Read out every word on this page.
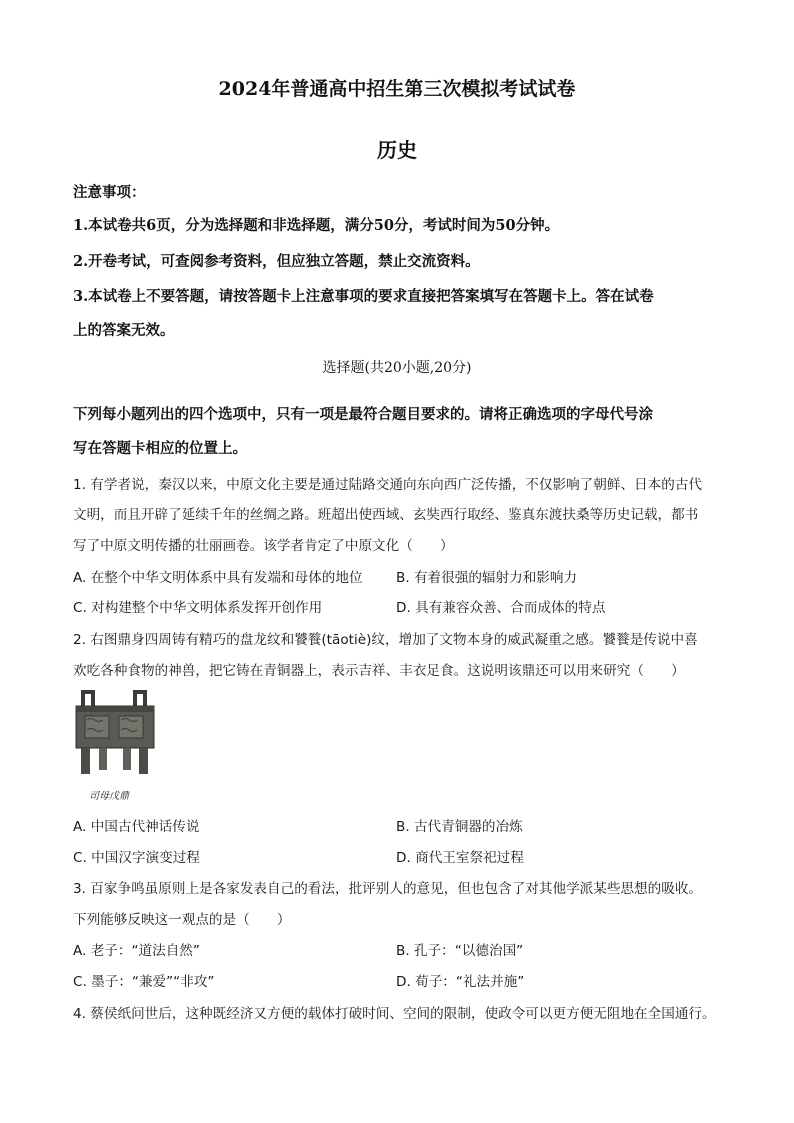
2024年普通高中招生第三次模拟考试试卷
历史
注意事项：
1.本试卷共6页，分为选择题和非选择题，满分50分，考试时间为50分钟。
2.开卷考试，可查阅参考资料，但应独立答题，禁止交流资料。
3.本试卷上不要答题，请按答题卡上注意事项的要求直接把答案填写在答题卡上。答在试卷
上的答案无效。
选择题(共20小题,20分)
下列每小题列出的四个选项中，只有一项是最符合题目要求的。请将正确选项的字母代号涂
写在答题卡相应的位置上。
1. 有学者说，秦汉以来，中原文化主要是通过陆路交通向东向西广泛传播，不仅影响了朝鲜、日本的古代
文明，而且开辟了延续千年的丝绸之路。班超出使西域、玄奘西行取经、鉴真东渡扶桑等历史记载，都书
写了中原文明传播的壮丽画卷。该学者肯定了中原文化（　　）
A. 在整个中华文明体系中具有发端和母体的地位 B. 有着很强的辐射力和影响力
C. 对构建整个中华文明体系发挥开创作用	D. 具有兼容众善、合而成体的特点
2. 右图鼎身四周铸有精巧的盘龙纹和饕餮(tāotiè)纹，增加了文物本身的威武凝重之感。饕餮是传说中喜
欢吃各种食物的神兽，把它铸在青铜器上，表示吉祥、丰衣足食。这说明该鼎还可以用来研究（　　）
司母戊鼎
A. 中国古代神话传说	B. 古代青铜器的冶炼
C. 中国汉字演变过程	D. 商代王室祭祀过程
3. 百家争鸣虽原则上是各家发表自己的看法，批评别人的意见，但也包含了对其他学派某些思想的吸收。
下列能够反映这一观点的是（　　）
A. 老子：“道法自然”	B. 孔子：“以德治国”
C. 墨子：“兼爱”“非攻”	D. 荀子：“礼法并施”
4. 蔡侯纸问世后，这种既经济又方便的载体打破时间、空间的限制，使政令可以更方便无阻地在全国通行。
